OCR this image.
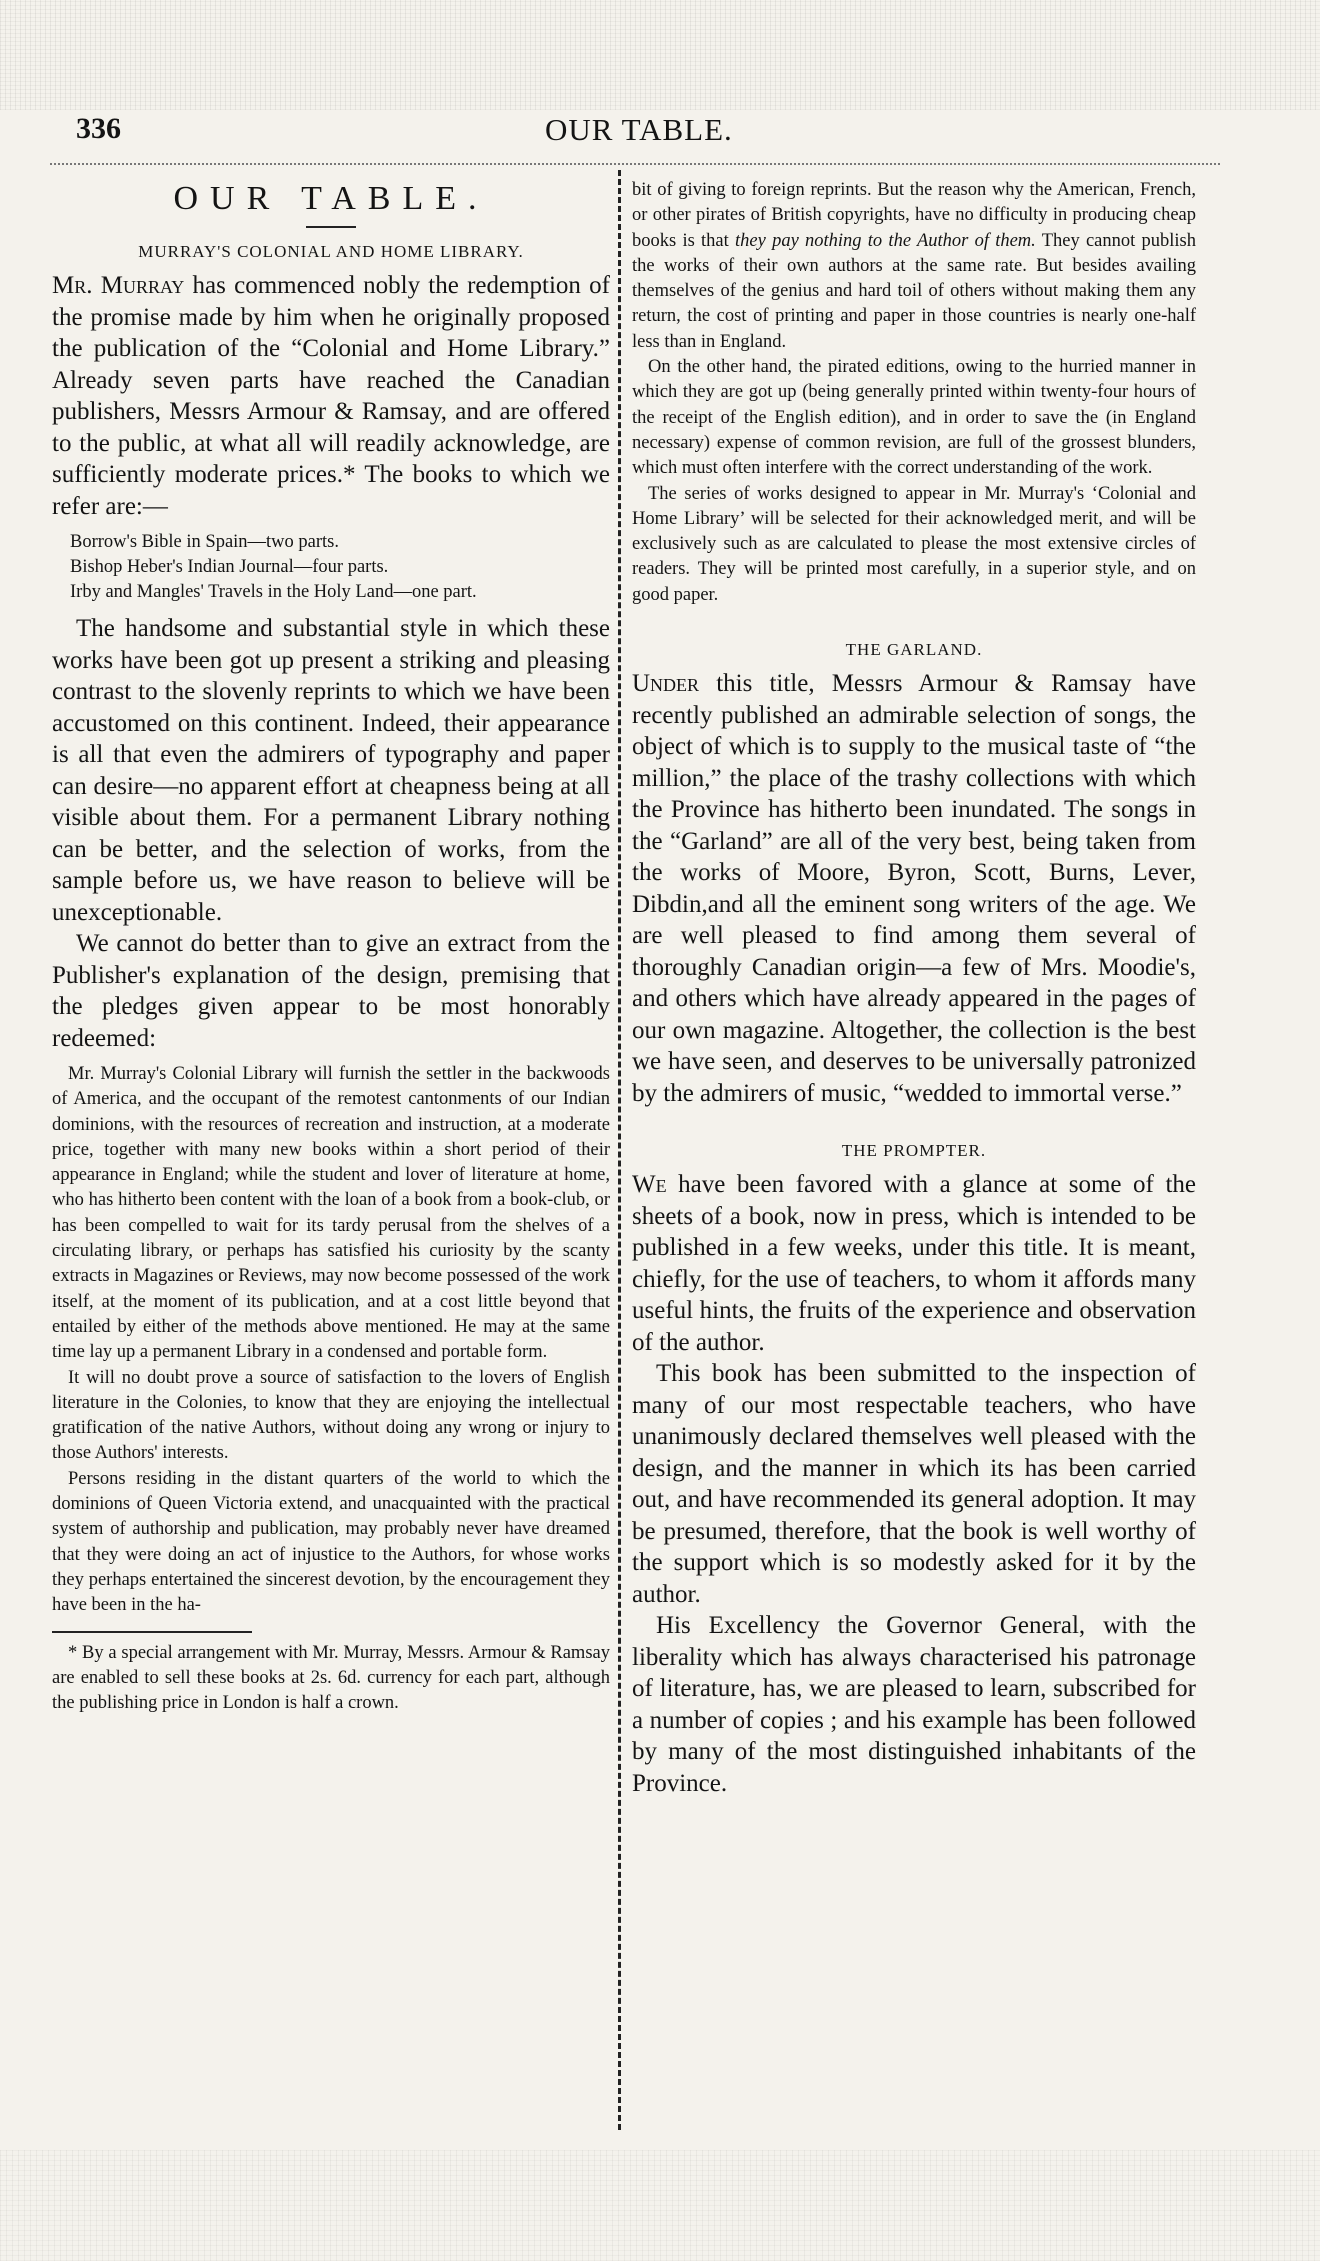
336	OUR TABLE.
OUR TABLE.
MURRAY'S COLONIAL AND HOME LIBRARY.

Mr. Murray has commenced nobly the redemption of the promise made by him when he originally proposed the publication of the “Colonial and Home Library.” Already seven parts have reached the Canadian publishers, Messrs Armour & Ramsay, and are offered to the public, at what all will readily acknowledge, are sufficiently moderate prices.* The books to which we refer are:—

Borrow's Bible in Spain—two parts.
Bishop Heber's Indian Journal—four parts.
Irby and Mangles' Travels in the Holy Land—one part.

The handsome and substantial style in which these works have been got up present a striking and pleasing contrast to the slovenly reprints to which we have been accustomed on this continent. Indeed, their appearance is all that even the admirers of typography and paper can desire—no apparent effort at cheapness being at all visible about them. For a permanent Library nothing can be better, and the selection of works, from the sample before us, we have reason to believe will be unexceptionable.

We cannot do better than to give an extract from the Publisher's explanation of the design, premising that the pledges given appear to be most honorably redeemed:

Mr. Murray's Colonial Library will furnish the settler in the backwoods of America, and the occupant of the remotest cantonments of our Indian dominions, with the resources of recreation and instruction, at a moderate price, together with many new books within a short period of their appearance in England; while the student and lover of literature at home, who has hitherto been content with the loan of a book from a book-club, or has been compelled to wait for its tardy perusal from the shelves of a circulating library, or perhaps has satisfied his curiosity by the scanty extracts in Magazines or Reviews, may now become possessed of the work itself, at the moment of its publication, and at a cost little beyond that entailed by either of the methods above mentioned. He may at the same time lay up a permanent Library in a condensed and portable form.

It will no doubt prove a source of satisfaction to the lovers of English literature in the Colonies, to know that they are enjoying the intellectual gratification of the native Authors, without doing any wrong or injury to those Authors' interests.

Persons residing in the distant quarters of the world to which the dominions of Queen Victoria extend, and unacquainted with the practical system of authorship and publication, may probably never have dreamed that they were doing an act of injustice to the Authors, for whose works they perhaps entertained the sincerest devotion, by the encouragement they have been in the ha-

* By a special arrangement with Mr. Murray, Messrs. Armour & Ramsay are enabled to sell these books at 2s. 6d. currency for each part, although the publishing price in London is half a crown.

bit of giving to foreign reprints. But the reason why the American, French, or other pirates of British copyrights, have no difficulty in producing cheap books is that they pay nothing to the Author of them. They cannot publish the works of their own authors at the same rate. But besides availing themselves of the genius and hard toil of others without making them any return, the cost of printing and paper in those countries is nearly one-half less than in England.

On the other hand, the pirated editions, owing to the hurried manner in which they are got up (being generally printed within twenty-four hours of the receipt of the English edition), and in order to save the (in England necessary) expense of common revision, are full of the grossest blunders, which must often interfere with the correct understanding of the work.

The series of works designed to appear in Mr. Murray's ‘Colonial and Home Library’ will be selected for their acknowledged merit, and will be exclusively such as are calculated to please the most extensive circles of readers. They will be printed most carefully, in a superior style, and on good paper.

THE GARLAND.

Under this title, Messrs Armour & Ramsay have recently published an admirable selection of songs, the object of which is to supply to the musical taste of “the million,” the place of the trashy collections with which the Province has hitherto been inundated. The songs in the “Garland” are all of the very best, being taken from the works of Moore, Byron, Scott, Burns, Lever, Dibdin,and all the eminent song writers of the age. We are well pleased to find among them several of thoroughly Canadian origin—a few of Mrs. Moodie's, and others which have already appeared in the pages of our own magazine. Altogether, the collection is the best we have seen, and deserves to be universally patronized by the admirers of music, “wedded to immortal verse.”

THE PROMPTER.

We have been favored with a glance at some of the sheets of a book, now in press, which is intended to be published in a few weeks, under this title. It is meant, chiefly, for the use of teachers, to whom it affords many useful hints, the fruits of the experience and observation of the author.

This book has been submitted to the inspection of many of our most respectable teachers, who have unanimously declared themselves well pleased with the design, and the manner in which its has been carried out, and have recommended its general adoption. It may be presumed, therefore, that the book is well worthy of the support which is so modestly asked for it by the author.

His Excellency the Governor General, with the liberality which has always characterised his patronage of literature, has, we are pleased to learn, subscribed for a number of copies ; and his example has been followed by many of the most distinguished inhabitants of the Province.
